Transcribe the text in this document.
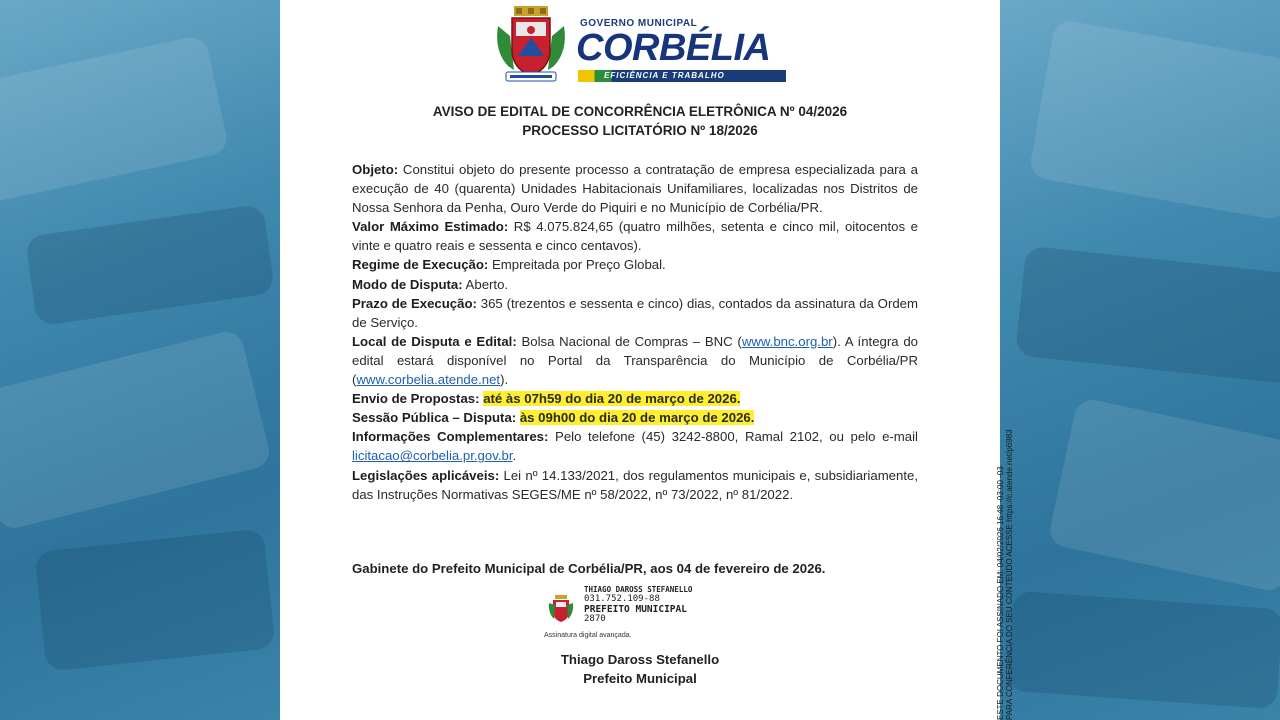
GOVERNO MUNICIPAL
CORBÉLIA
EFICIÊNCIA E TRABALHO
AVISO DE EDITAL DE CONCORRÊNCIA ELETRÔNICA Nº 04/2026
PROCESSO LICITATÓRIO Nº 18/2026

Objeto: Constitui objeto do presente processo a contratação de empresa especializada para a execução de 40 (quarenta) Unidades Habitacionais Unifamiliares, localizadas nos Distritos de Nossa Senhora da Penha, Ouro Verde do Piquiri e no Município de Corbélia/PR.

Valor Máximo Estimado: R$ 4.075.824,65 (quatro milhões, setenta e cinco mil, oitocentos e vinte e quatro reais e sessenta e cinco centavos).

Regime de Execução: Empreitada por Preço Global.

Modo de Disputa: Aberto.

Prazo de Execução: 365 (trezentos e sessenta e cinco) dias, contados da assinatura da Ordem de Serviço.

Local de Disputa e Edital: Bolsa Nacional de Compras – BNC (www.bnc.org.br). A íntegra do edital estará disponível no Portal da Transparência do Município de Corbélia/PR (www.corbelia.atende.net).

Envio de Propostas: até às 07h59 do dia 20 de março de 2026.

Sessão Pública – Disputa: às 09h00 do dia 20 de março de 2026.

Informações Complementares: Pelo telefone (45) 3242-8800, Ramal 2102, ou pelo e-mail licitacao@corbelia.pr.gov.br.

Legislações aplicáveis: Lei nº 14.133/2021, dos regulamentos municipais e, subsidiariamente, das Instruções Normativas SEGES/ME nº 58/2022, nº 73/2022, nº 81/2022.

Gabinete do Prefeito Municipal de Corbélia/PR, aos 04 de fevereiro de 2026.
THIAGO DAROSS STEFANELLO
031.752.109-88
PREFEITO MUNICIPAL
2870
Assinatura digital avançada.
Thiago Daross Stefanello
Prefeito Municipal	ESTE DOCUMENTO FOI ASSINADO EM: 04/02/2026 16:48 -03:00 -03 PARA CONFERÊNCIA DO SEU CONTEÚDO ACESSE https://c.atende.net/p6983
